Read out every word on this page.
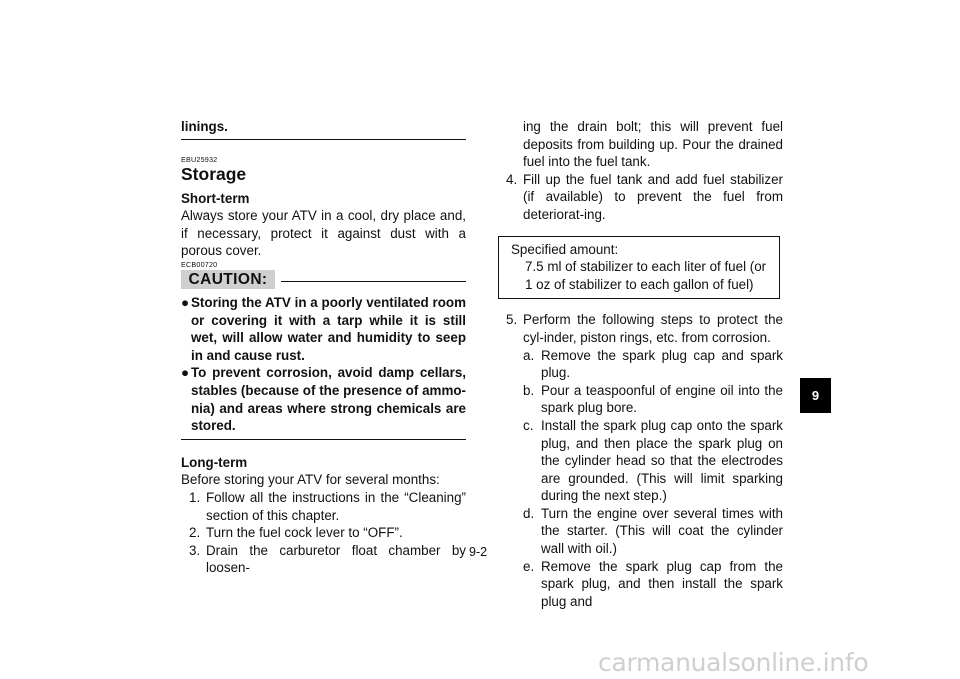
linings.
EBU25932
Storage
Short-term
Always store your ATV in a cool, dry place and, if necessary, protect it against dust with a porous cover.
ECB00720
CAUTION:
● Storing the ATV in a poorly ventilated room or covering it with a tarp while it is still wet, will allow water and humidity to seep in and cause rust.
● To prevent corrosion, avoid damp cellars, stables (because of the presence of ammo-nia) and areas where strong chemicals are stored.
Long-term
Before storing your ATV for several months:
1. Follow all the instructions in the “Cleaning” section of this chapter.
2. Turn the fuel cock lever to “OFF”.
3. Drain the carburetor float chamber by loosen-
ing the drain bolt; this will prevent fuel deposits from building up. Pour the drained fuel into the fuel tank.
4. Fill up the fuel tank and add fuel stabilizer (if available) to prevent the fuel from deteriorat-ing.
Specified amount:
7.5 ml of stabilizer to each liter of fuel (or 1 oz of stabilizer to each gallon of fuel)
5. Perform the following steps to protect the cyl-inder, piston rings, etc. from corrosion.
a. Remove the spark plug cap and spark plug.
b. Pour a teaspoonful of engine oil into the spark plug bore.
c. Install the spark plug cap onto the spark plug, and then place the spark plug on the cylinder head so that the electrodes are grounded. (This will limit sparking during the next step.)
d. Turn the engine over several times with the starter. (This will coat the cylinder wall with oil.)
e. Remove the spark plug cap from the spark plug, and then install the spark plug and
9-2
9
carmanualsonline.info
